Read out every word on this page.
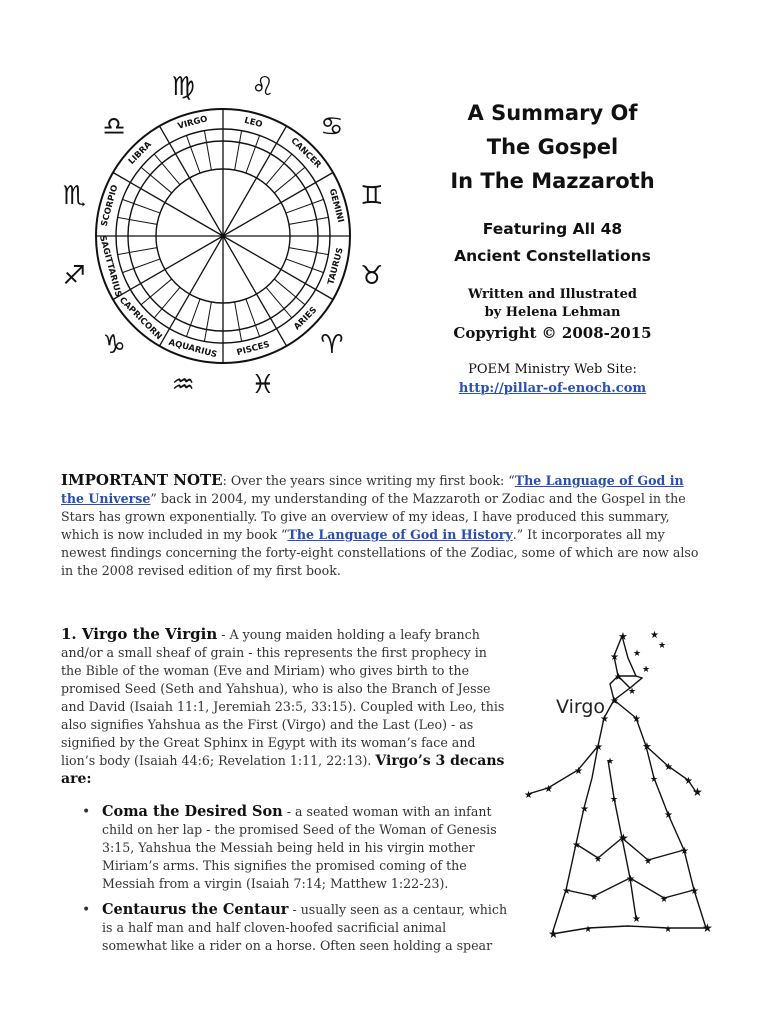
VIRGO
♍
LEO
♌
CANCER
♋
GEMINI ♊
TAURUS ♉
ARIES
♈
PISCES
♓
AQUARIUS
♒
CAPRICORN
♑
SAGITTARIUS
♐
SCORPIO
♏
LIBRA
♎	A Summary Of
The Gospel
In The Mazzaroth
Featuring All 48
Ancient Constellations
Written and Illustrated
by Helena Lehman
Copyright © 2008-2015
POEM Ministry Web Site:
http://pillar-of-enoch.com
IMPORTANT NOTE: Over the years since writing my first book: “The Language of God in the Universe” back in 2004, my understanding of the Mazzaroth or Zodiac and the Gospel in the Stars has grown exponentially. To give an overview of my ideas, I have produced this summary, which is now included in my book “The Language of God in History.” It incorporates all my newest findings concerning the forty-eight constellations of the Zodiac, some of which are now also in the 2008 revised edition of my first book.
1. Virgo the Virgin - A young maiden holding a leafy branch and/or a small sheaf of grain - this represents the first prophecy in the Bible of the woman (Eve and Miriam) who gives birth to the promised Seed (Seth and Yahshua), who is also the Branch of Jesse and David (Isaiah 11:1, Jeremiah 23:5, 33:15). Coupled with Leo, this also signifies Yahshua as the First (Virgo) and the Last (Leo) - as signified by the Great Sphinx in Egypt with its woman’s face and lion’s body (Isaiah 44:6; Revelation 1:11, 22:13). Virgo’s 3 decans are:
• Coma the Desired Son - a seated woman with an infant child on her lap - the promised Seed of the Woman of Genesis 3:15, Yahshua the Messiah being held in his virgin mother Miriam’s arms. This signifies the promised coming of the Messiah from a virgin (Isaiah 7:14; Matthew 1:22-23).
• Centaurus the Centaur - usually seen as a centaur, which is a half man and half cloven-hoofed sacrificial animal somewhat like a rider on a horse. Often seen holding a spear
Virgo
★ ★
★
★
★
★
★
★
★
★ ★
★	★
★
★
★
★
★
★
★
★
★
★
★
★
★
★
★
★
★
★
★
★	★
★	★
★
★ ★
